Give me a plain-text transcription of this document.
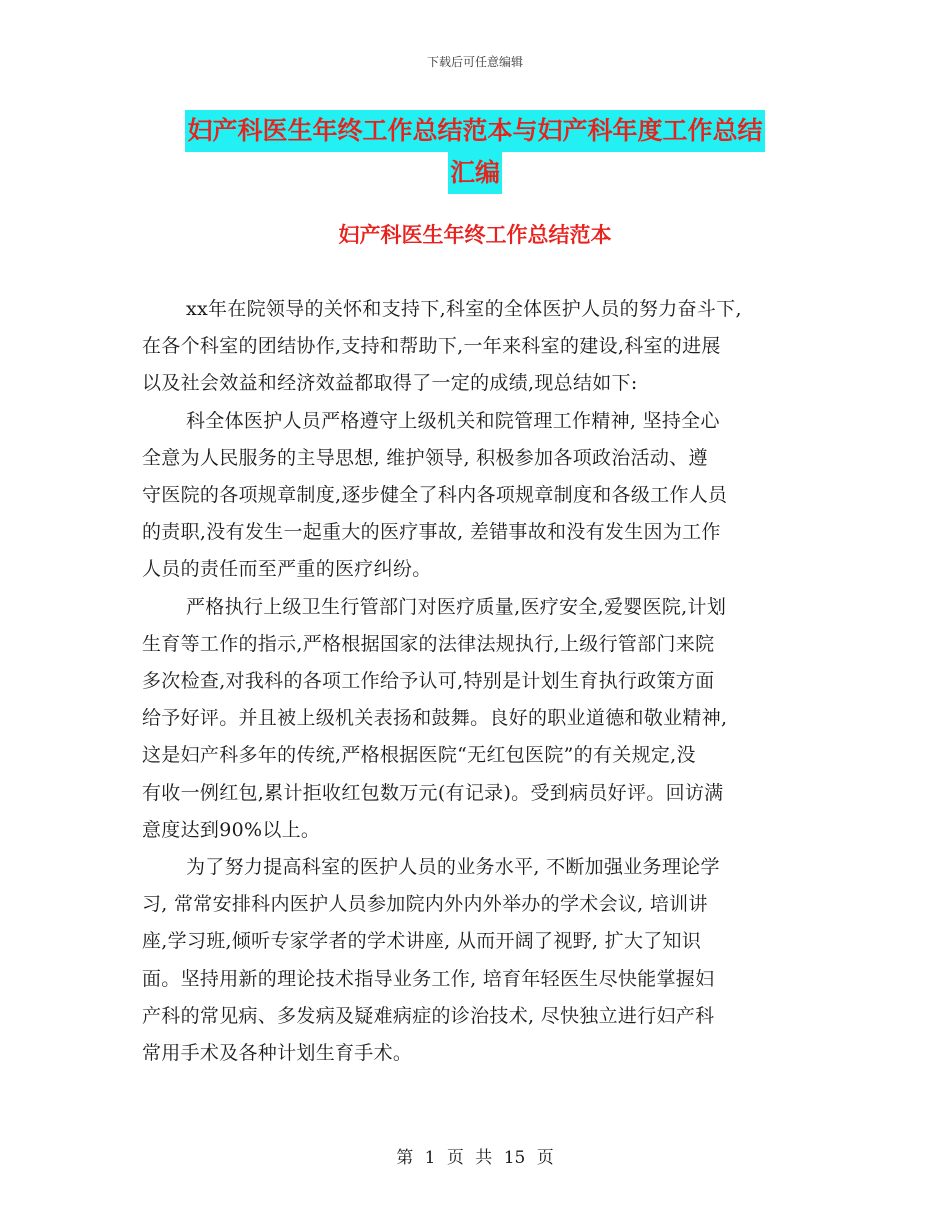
下载后可任意编辑
妇产科医生年终工作总结范本与妇产科年度工作总结
汇编
妇产科医生年终工作总结范本

xx年在院领导的关怀和支持下,科室的全体医护人员的努力奋斗下,
在各个科室的团结协作,支持和帮助下,一年来科室的建设,科室的进展
以及社会效益和经济效益都取得了一定的成绩,现总结如下:

科全体医护人员严格遵守上级机关和院管理工作精神, 坚持全心
全意为人民服务的主导思想, 维护领导, 积极参加各项政治活动、遵
守医院的各项规章制度,逐步健全了科内各项规章制度和各级工作人员
的责职,没有发生一起重大的医疗事故, 差错事故和没有发生因为工作
人员的责任而至严重的医疗纠纷。

严格执行上级卫生行管部门对医疗质量,医疗安全,爱婴医院,计划
生育等工作的指示,严格根据国家的法律法规执行,上级行管部门来院
多次检查,对我科的各项工作给予认可,特别是计划生育执行政策方面
给予好评。并且被上级机关表扬和鼓舞。良好的职业道德和敬业精神,
这是妇产科多年的传统,严格根据医院“无红包医院”的有关规定,没
有收一例红包,累计拒收红包数万元(有记录)。受到病员好评。回访满
意度达到90%以上。

为了努力提高科室的医护人员的业务水平, 不断加强业务理论学
习, 常常安排科内医护人员参加院内外内外举办的学术会议, 培训讲
座,学习班,倾听专家学者的学术讲座, 从而开阔了视野, 扩大了知识
面。坚持用新的理论技术指导业务工作, 培育年轻医生尽快能掌握妇
产科的常见病、多发病及疑难病症的诊治技术, 尽快独立进行妇产科
常用手术及各种计划生育手术。

第 1 页 共 15 页
